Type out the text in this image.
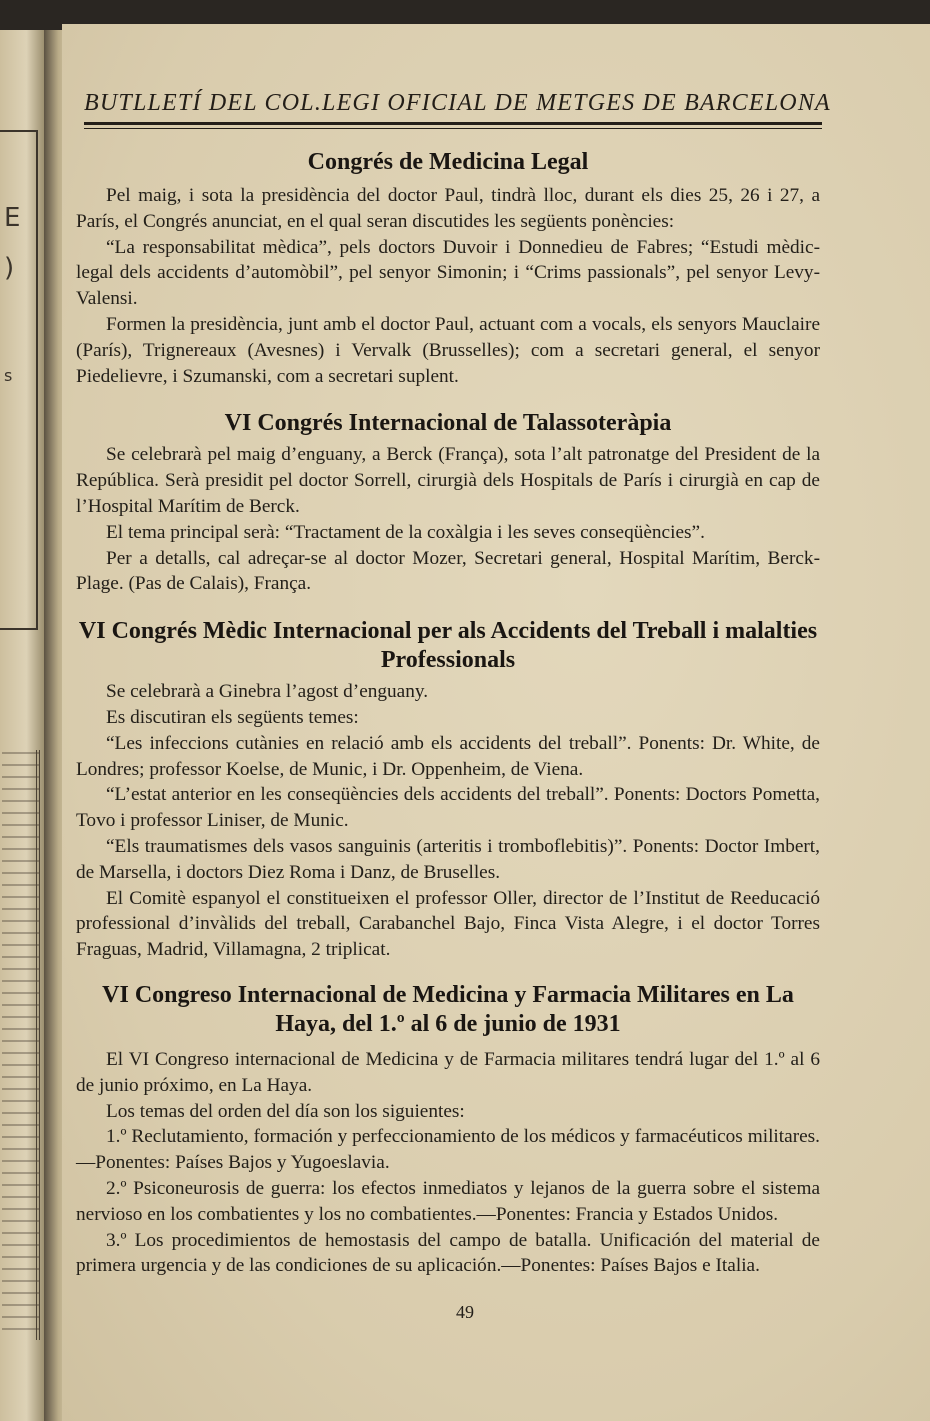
E
)
s
BUTLLETÍ DEL COL.LEGI OFICIAL DE METGES DE BARCELONA
Congrés de Medicina Legal

Pel maig, i sota la presidència del doctor Paul, tindrà lloc, durant els dies 25, 26 i 27, a París, el Congrés anunciat, en el qual seran discutides les següents ponències:

“La responsabilitat mèdica”, pels doctors Duvoir i Donnedieu de Fabres; “Estudi mèdic-legal dels accidents d’automòbil”, pel senyor Simonin; i “Crims passionals”, pel senyor Levy-Valensi.

Formen la presidència, junt amb el doctor Paul, actuant com a vocals, els senyors Mauclaire (París), Trignereaux (Avesnes) i Vervalk (Brusselles); com a secretari general, el senyor Piedelievre, i Szumanski, com a secretari suplent.

VI Congrés Internacional de Talassoteràpia

Se celebrarà pel maig d’enguany, a Berck (França), sota l’alt patronatge del President de la República. Serà presidit pel doctor Sorrell, cirurgià dels Hospitals de París i cirurgià en cap de l’Hospital Marítim de Berck.

El tema principal serà: “Tractament de la coxàlgia i les seves conseqüències”.

Per a detalls, cal adreçar-se al doctor Mozer, Secretari general, Hospital Marítim, Berck-Plage. (Pas de Calais), França.

VI Congrés Mèdic Internacional per als Accidents del Treball i malalties Professionals

Se celebrarà a Ginebra l’agost d’enguany.

Es discutiran els següents temes:

“Les infeccions cutànies en relació amb els accidents del treball”. Ponents: Dr. White, de Londres; professor Koelse, de Munic, i Dr. Oppenheim, de Viena.

“L’estat anterior en les conseqüències dels accidents del treball”. Ponents: Doctors Pometta, Tovo i professor Liniser, de Munic.

“Els traumatismes dels vasos sanguinis (arteritis i tromboflebitis)”. Ponents: Doctor Imbert, de Marsella, i doctors Diez Roma i Danz, de Bruselles.

El Comitè espanyol el constitueixen el professor Oller, director de l’Institut de Reeducació professional d’invàlids del treball, Carabanchel Bajo, Finca Vista Alegre, i el doctor Torres Fraguas, Madrid, Villamagna, 2 triplicat.

VI Congreso Internacional de Medicina y Farmacia Militares en La Haya, del 1.º al 6 de junio de 1931

El VI Congreso internacional de Medicina y de Farmacia militares tendrá lugar del 1.º al 6 de junio próximo, en La Haya.

Los temas del orden del día son los siguientes:

1.º Reclutamiento, formación y perfeccionamiento de los médicos y farmacéuticos militares.—Ponentes: Países Bajos y Yugoeslavia.

2.º Psiconeurosis de guerra: los efectos inmediatos y lejanos de la guerra sobre el sistema nervioso en los combatientes y los no combatientes.—Ponentes: Francia y Estados Unidos.

3.º Los procedimientos de hemostasis del campo de batalla. Unificación del material de primera urgencia y de las condiciones de su aplicación.—Ponentes: Países Bajos e Italia.

49
